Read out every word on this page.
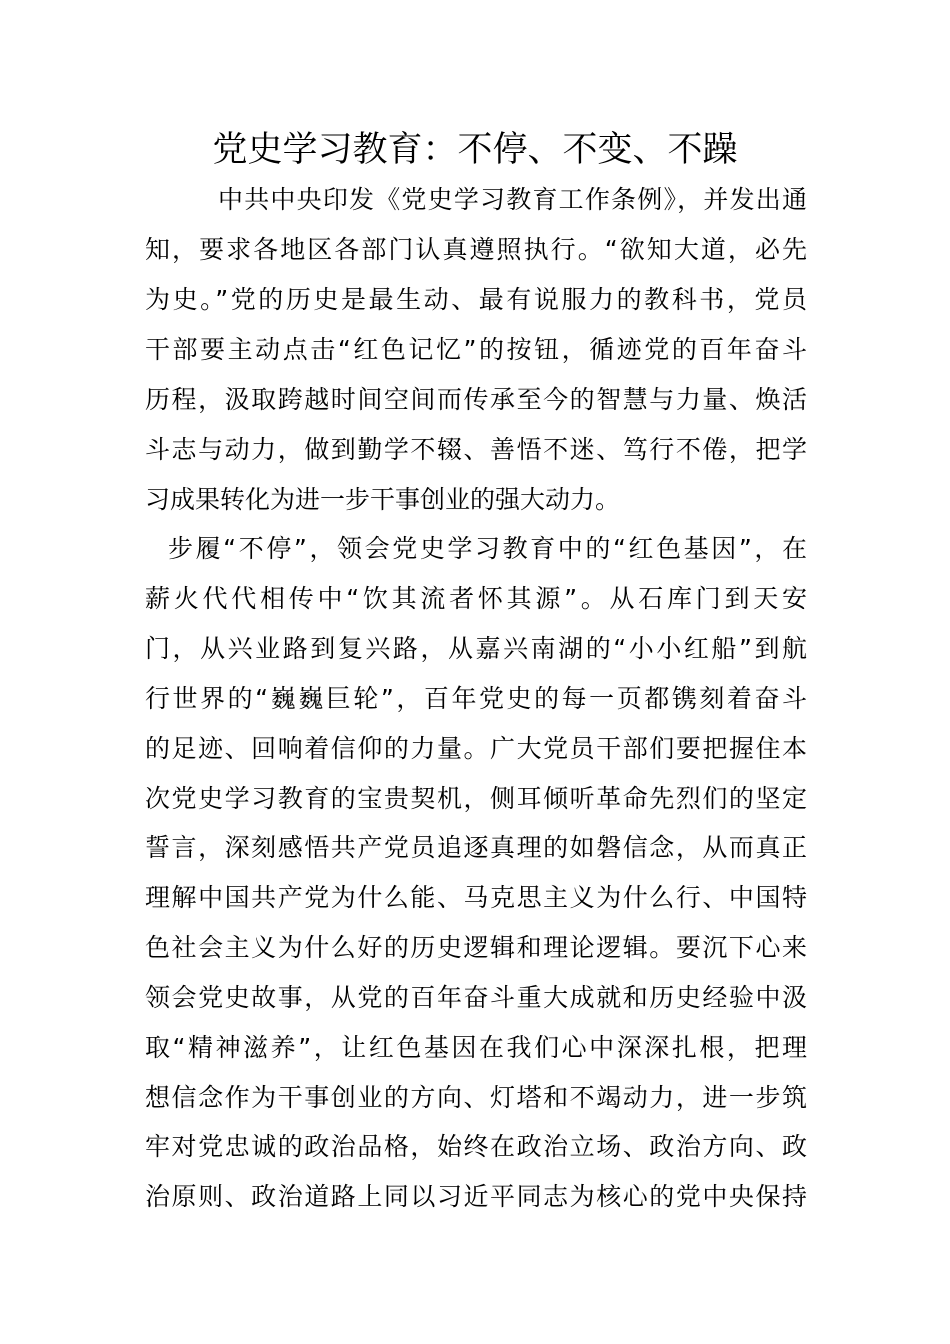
党史学习教育：不停、不变、不躁
中共中央印发《党史学习教育工作条例》，并发出通
知，要求各地区各部门认真遵照执行。“欲知大道，必先
为史。”党的历史是最生动、最有说服力的教科书，党员
干部要主动点击“红色记忆”的按钮，循迹党的百年奋斗
历程，汲取跨越时间空间而传承至今的智慧与力量、焕活
斗志与动力，做到勤学不辍、善悟不迷、笃行不倦，把学
习成果转化为进一步干事创业的强大动力。
步履“不停”，领会党史学习教育中的“红色基因”，在
薪火代代相传中“饮其流者怀其源”。从石库门到天安
门，从兴业路到复兴路，从嘉兴南湖的“小小红船”到航
行世界的“巍巍巨轮”，百年党史的每一页都镌刻着奋斗
的足迹、回响着信仰的力量。广大党员干部们要把握住本
次党史学习教育的宝贵契机，侧耳倾听革命先烈们的坚定
誓言，深刻感悟共产党员追逐真理的如磐信念，从而真正
理解中国共产党为什么能、马克思主义为什么行、中国特
色社会主义为什么好的历史逻辑和理论逻辑。要沉下心来
领会党史故事，从党的百年奋斗重大成就和历史经验中汲
取“精神滋养”，让红色基因在我们心中深深扎根，把理
想信念作为干事创业的方向、灯塔和不竭动力，进一步筑
牢对党忠诚的政治品格，始终在政治立场、政治方向、政
治原则、政治道路上同以习近平同志为核心的党中央保持
